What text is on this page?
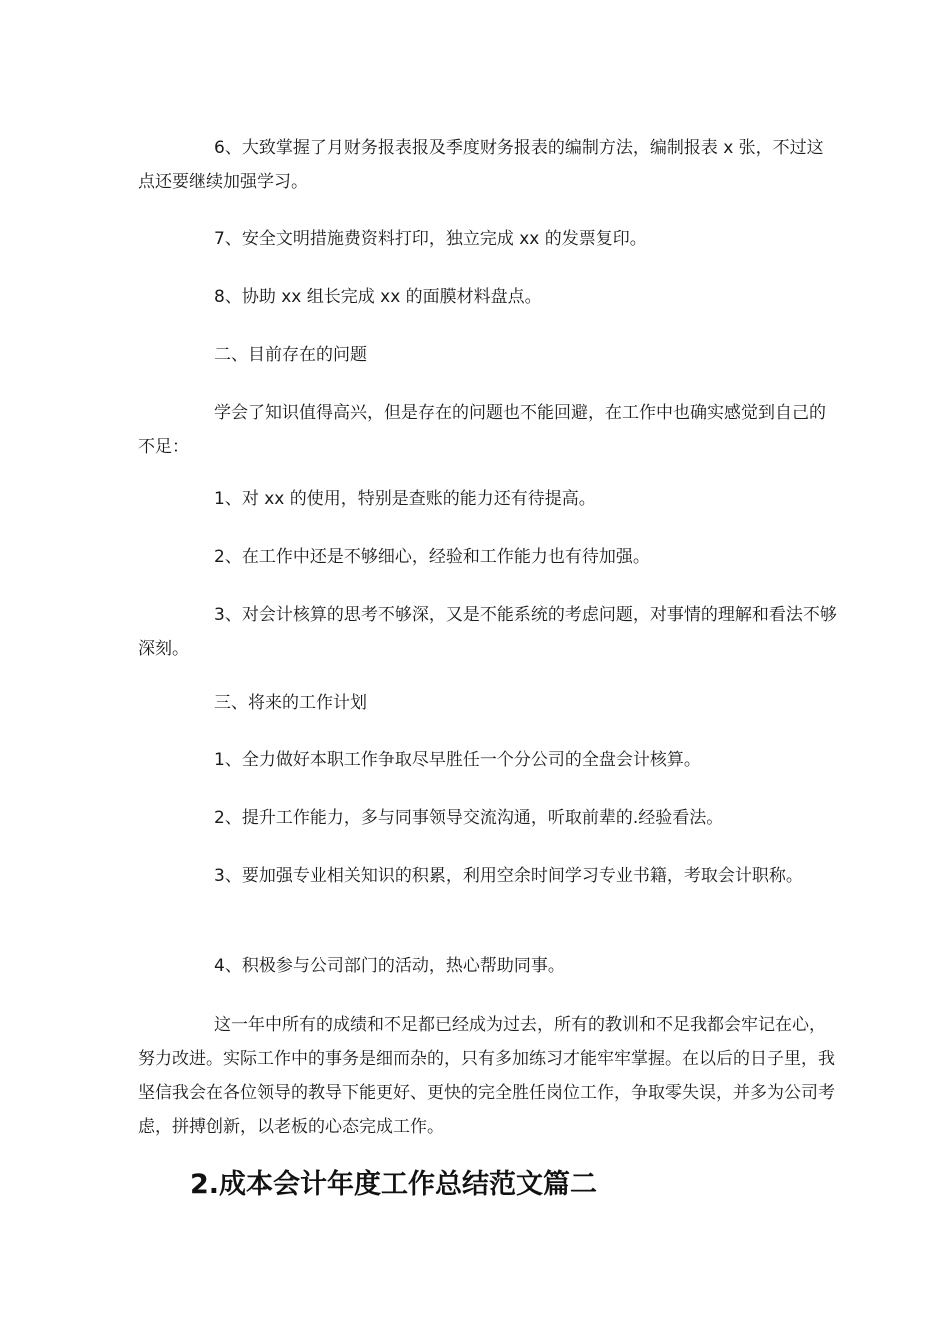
6、大致掌握了月财务报表报及季度财务报表的编制方法，编制报表 x 张，不过这点还要继续加强学习。

7、安全文明措施费资料打印，独立完成 xx 的发票复印。

8、协助 xx 组长完成 xx 的面膜材料盘点。

二、目前存在的问题

学会了知识值得高兴，但是存在的问题也不能回避，在工作中也确实感觉到自己的不足：

1、对 xx 的使用，特别是查账的能力还有待提高。

2、在工作中还是不够细心，经验和工作能力也有待加强。

3、对会计核算的思考不够深，又是不能系统的考虑问题，对事情的理解和看法不够深刻。

三、将来的工作计划

1、全力做好本职工作争取尽早胜任一个分公司的全盘会计核算。

2、提升工作能力，多与同事领导交流沟通，听取前辈的.经验看法。

3、要加强专业相关知识的积累，利用空余时间学习专业书籍，考取会计职称。

4、积极参与公司部门的活动，热心帮助同事。

这一年中所有的成绩和不足都已经成为过去，所有的教训和不足我都会牢记在心，努力改进。实际工作中的事务是细而杂的，只有多加练习才能牢牢掌握。在以后的日子里，我坚信我会在各位领导的教导下能更好、更快的完全胜任岗位工作，争取零失误，并多为公司考虑，拼搏创新，以老板的心态完成工作。

2.成本会计年度工作总结范文篇二
